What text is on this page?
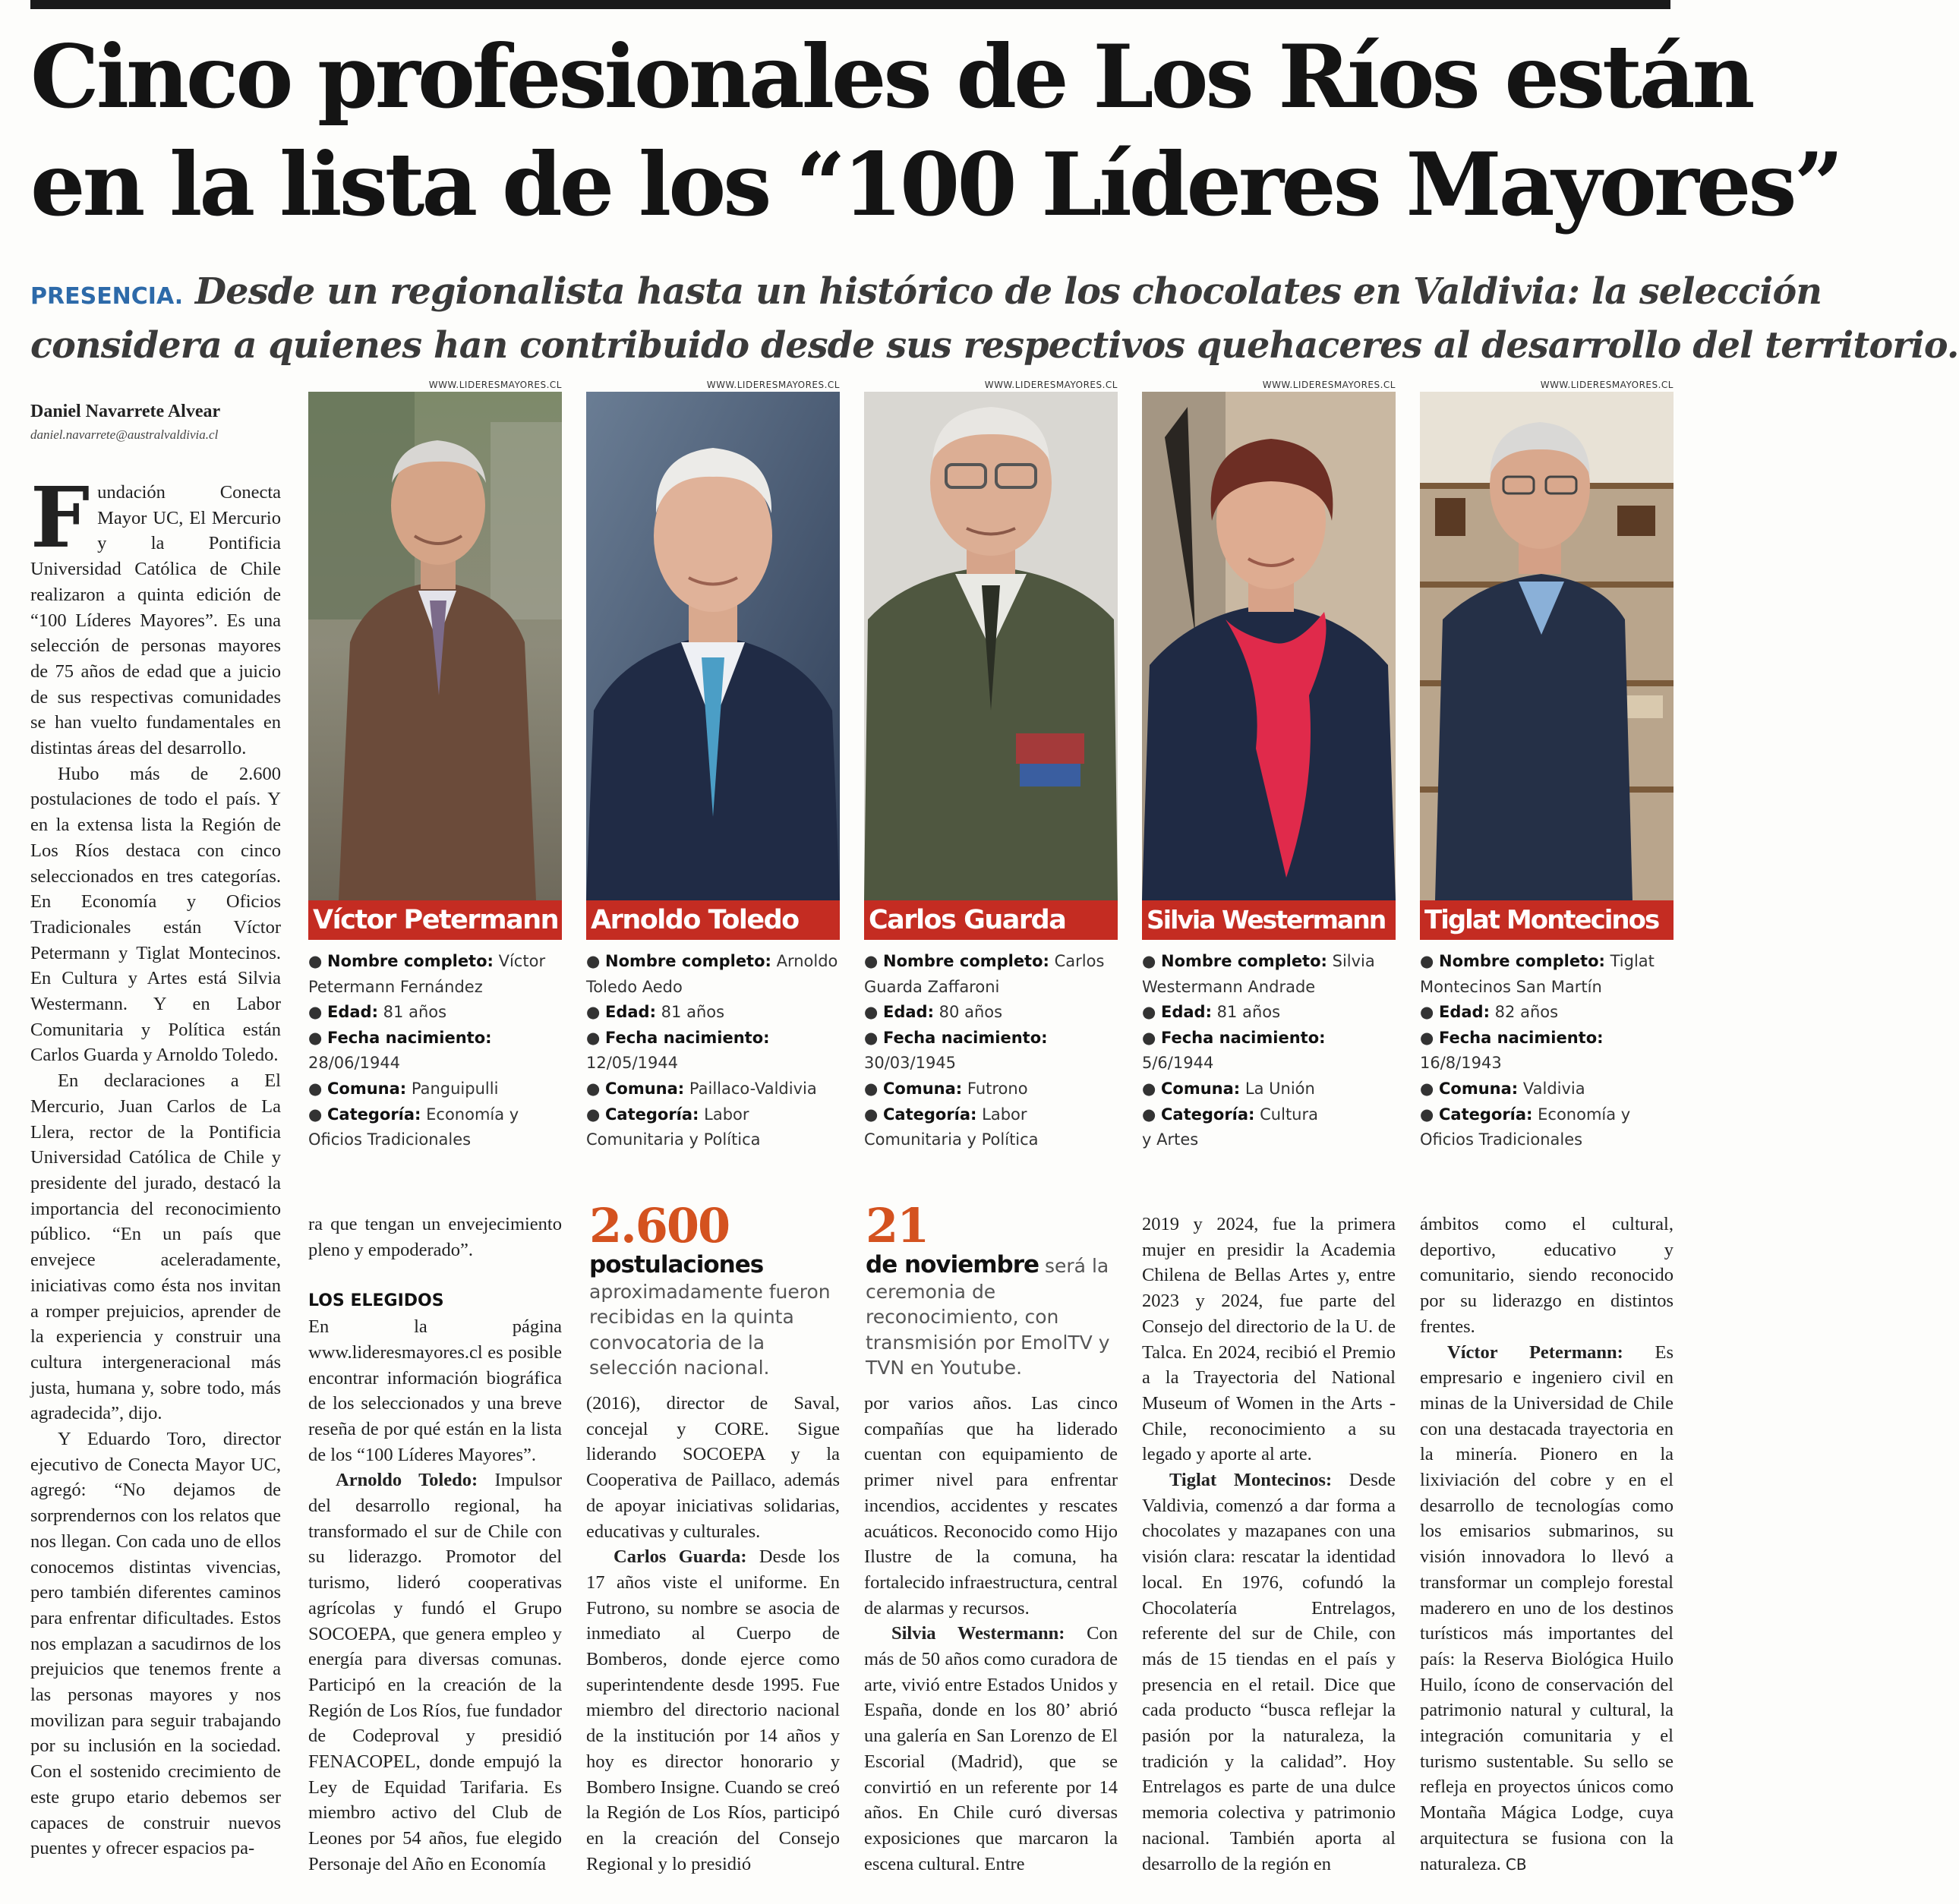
Cinco profesionales de Los Ríos están
en la lista de los “100 Líderes Mayores”
PRESENCIA. Desde un regionalista hasta un histórico de los chocolates en Valdivia: la selección
considera a quienes han contribuido desde sus respectivos quehaceres al desarrollo del territorio.
Daniel Navarrete Alvear
daniel.navarrete@australvaldivia.cl

Fundación Conecta Mayor UC, El Mercurio y la Pontificia Universidad Católica de Chile realizaron a quinta edición de “100 Líderes Mayores”. Es una selección de personas mayores de 75 años de edad que a juicio de sus respectivas comunidades se han vuelto fundamentales en distintas áreas del desarrollo.

Hubo más de 2.600 postulaciones de todo el país. Y en la extensa lista la Región de Los Ríos destaca con cinco seleccionados en tres categorías. En Economía y Oficios Tradicionales están Víctor Petermann y Tiglat Montecinos. En Cultura y Artes está Silvia Westermann. Y en Labor Comunitaria y Política están Carlos Guarda y Arnoldo Toledo.

En declaraciones a El Mercurio, Juan Carlos de La Llera, rector de la Pontificia Universidad Católica de Chile y presidente del jurado, destacó la importancia del reconocimiento público. “En un país que envejece aceleradamente, iniciativas como ésta nos invitan a romper prejuicios, aprender de la experiencia y construir una cultura intergeneracional más justa, humana y, sobre todo, más agradecida”, dijo.

Y Eduardo Toro, director ejecutivo de Conecta Mayor UC, agregó: “No dejamos de sorprendernos con los relatos que nos llegan. Con cada uno de ellos conocemos distintas vivencias, pero también diferentes caminos para enfrentar dificultades. Estos nos emplazan a sacudirnos de los prejuicios que tenemos frente a las personas mayores y nos movilizan para seguir trabajando por su inclusión en la sociedad. Con el sostenido crecimiento de este grupo etario debemos ser capaces de construir nuevos puentes y ofrecer espacios pa-

WWW.LIDERESMAYORES.CL
Víctor Petermann
● Nombre completo: Víctor
Petermann Fernández
● Edad: 81 años
● Fecha nacimiento:
28/06/1944
● Comuna: Panguipulli
● Categoría: Economía y
Oficios Tradicionales
WWW.LIDERESMAYORES.CL
Arnoldo Toledo
● Nombre completo: Arnoldo
Toledo Aedo
● Edad: 81 años
● Fecha nacimiento:
12/05/1944
● Comuna: Paillaco-Valdivia
● Categoría: Labor
Comunitaria y Política
WWW.LIDERESMAYORES.CL
Carlos Guarda
● Nombre completo: Carlos
Guarda Zaffaroni
● Edad: 80 años
● Fecha nacimiento:
30/03/1945
● Comuna: Futrono
● Categoría: Labor
Comunitaria y Política
WWW.LIDERESMAYORES.CL
Silvia Westermann
● Nombre completo: Silvia
Westermann Andrade
● Edad: 81 años
● Fecha nacimiento:
5/6/1944
● Comuna: La Unión
● Categoría: Cultura
y Artes
WWW.LIDERESMAYORES.CL
Tiglat Montecinos
● Nombre completo: Tiglat
Montecinos San Martín
● Edad: 82 años
● Fecha nacimiento:
16/8/1943
● Comuna: Valdivia
● Categoría: Economía y
Oficios Tradicionales

ra que tengan un envejecimiento pleno y empoderado”.

LOS ELEGIDOS

En la página www.lideresmayores.cl es posible encontrar información biográfica de los seleccionados y una breve reseña de por qué están en la lista de los “100 Líderes Mayores”.

Arnoldo Toledo: Impulsor del desarrollo regional, ha transformado el sur de Chile con su liderazgo. Promotor del turismo, lideró cooperativas agrícolas y fundó el Grupo SOCOEPA, que genera empleo y energía para diversas comunas. Participó en la creación de la Región de Los Ríos, fue fundador de Codeproval y presidió FENACOPEL, donde empujó la Ley de Equidad Tarifaria. Es miembro activo del Club de Leones por 54 años, fue elegido Personaje del Año en Economía

2.600
postulaciones aproximadamente fueron recibidas en la quinta convocatoria de la selección nacional.
21
de noviembre será la ceremonia de reconocimiento, con transmisión por EmolTV y TVN en Youtube.

(2016), director de Saval, concejal y CORE. Sigue liderando SOCOEPA y la Cooperativa de Paillaco, además de apoyar iniciativas solidarias, educativas y culturales.

Carlos Guarda: Desde los 17 años viste el uniforme. En Futrono, su nombre se asocia de inmediato al Cuerpo de Bomberos, donde ejerce como superintendente desde 1995. Fue miembro del directorio nacional de la institución por 14 años y hoy es director honorario y Bombero Insigne. Cuando se creó la Región de Los Ríos, participó en la creación del Consejo Regional y lo presidió

por varios años. Las cinco compañías que ha liderado cuentan con equipamiento de primer nivel para enfrentar incendios, accidentes y rescates acuáticos. Reconocido como Hijo Ilustre de la comuna, ha fortalecido infraestructura, central de alarmas y recursos.

Silvia Westermann: Con más de 50 años como curadora de arte, vivió entre Estados Unidos y España, donde en los 80’ abrió una galería en San Lorenzo de El Escorial (Madrid), que se convirtió en un referente por 14 años. En Chile curó diversas exposiciones que marcaron la escena cultural. Entre

2019 y 2024, fue la primera mujer en presidir la Academia Chilena de Bellas Artes y, entre 2023 y 2024, fue parte del Consejo del directorio de la U. de Talca. En 2024, recibió el Premio a la Trayectoria del National Museum of Women in the Arts - Chile, reconocimiento a su legado y aporte al arte.

Tiglat Montecinos: Desde Valdivia, comenzó a dar forma a chocolates y mazapanes con una visión clara: rescatar la identidad local. En 1976, cofundó la Chocolatería Entrelagos, referente del sur de Chile, con más de 15 tiendas en el país y presencia en el retail. Dice que cada producto “busca reflejar la pasión por la naturaleza, la tradición y la calidad”. Hoy Entrelagos es parte de una dulce memoria colectiva y patrimonio nacional. También aporta al desarrollo de la región en

ámbitos como el cultural, deportivo, educativo y comunitario, siendo reconocido por su liderazgo en distintos frentes.

Víctor Petermann: Es empresario e ingeniero civil en minas de la Universidad de Chile con una destacada trayectoria en la minería. Pionero en la lixiviación del cobre y en el desarrollo de tecnologías como los emisarios submarinos, su visión innovadora lo llevó a transformar un complejo forestal maderero en uno de los destinos turísticos más importantes del país: la Reserva Biológica Huilo Huilo, ícono de conservación del patrimonio natural y cultural, la integración comunitaria y el turismo sustentable. Su sello se refleja en proyectos únicos como Montaña Mágica Lodge, cuya arquitectura se fusiona con la naturaleza. CB
